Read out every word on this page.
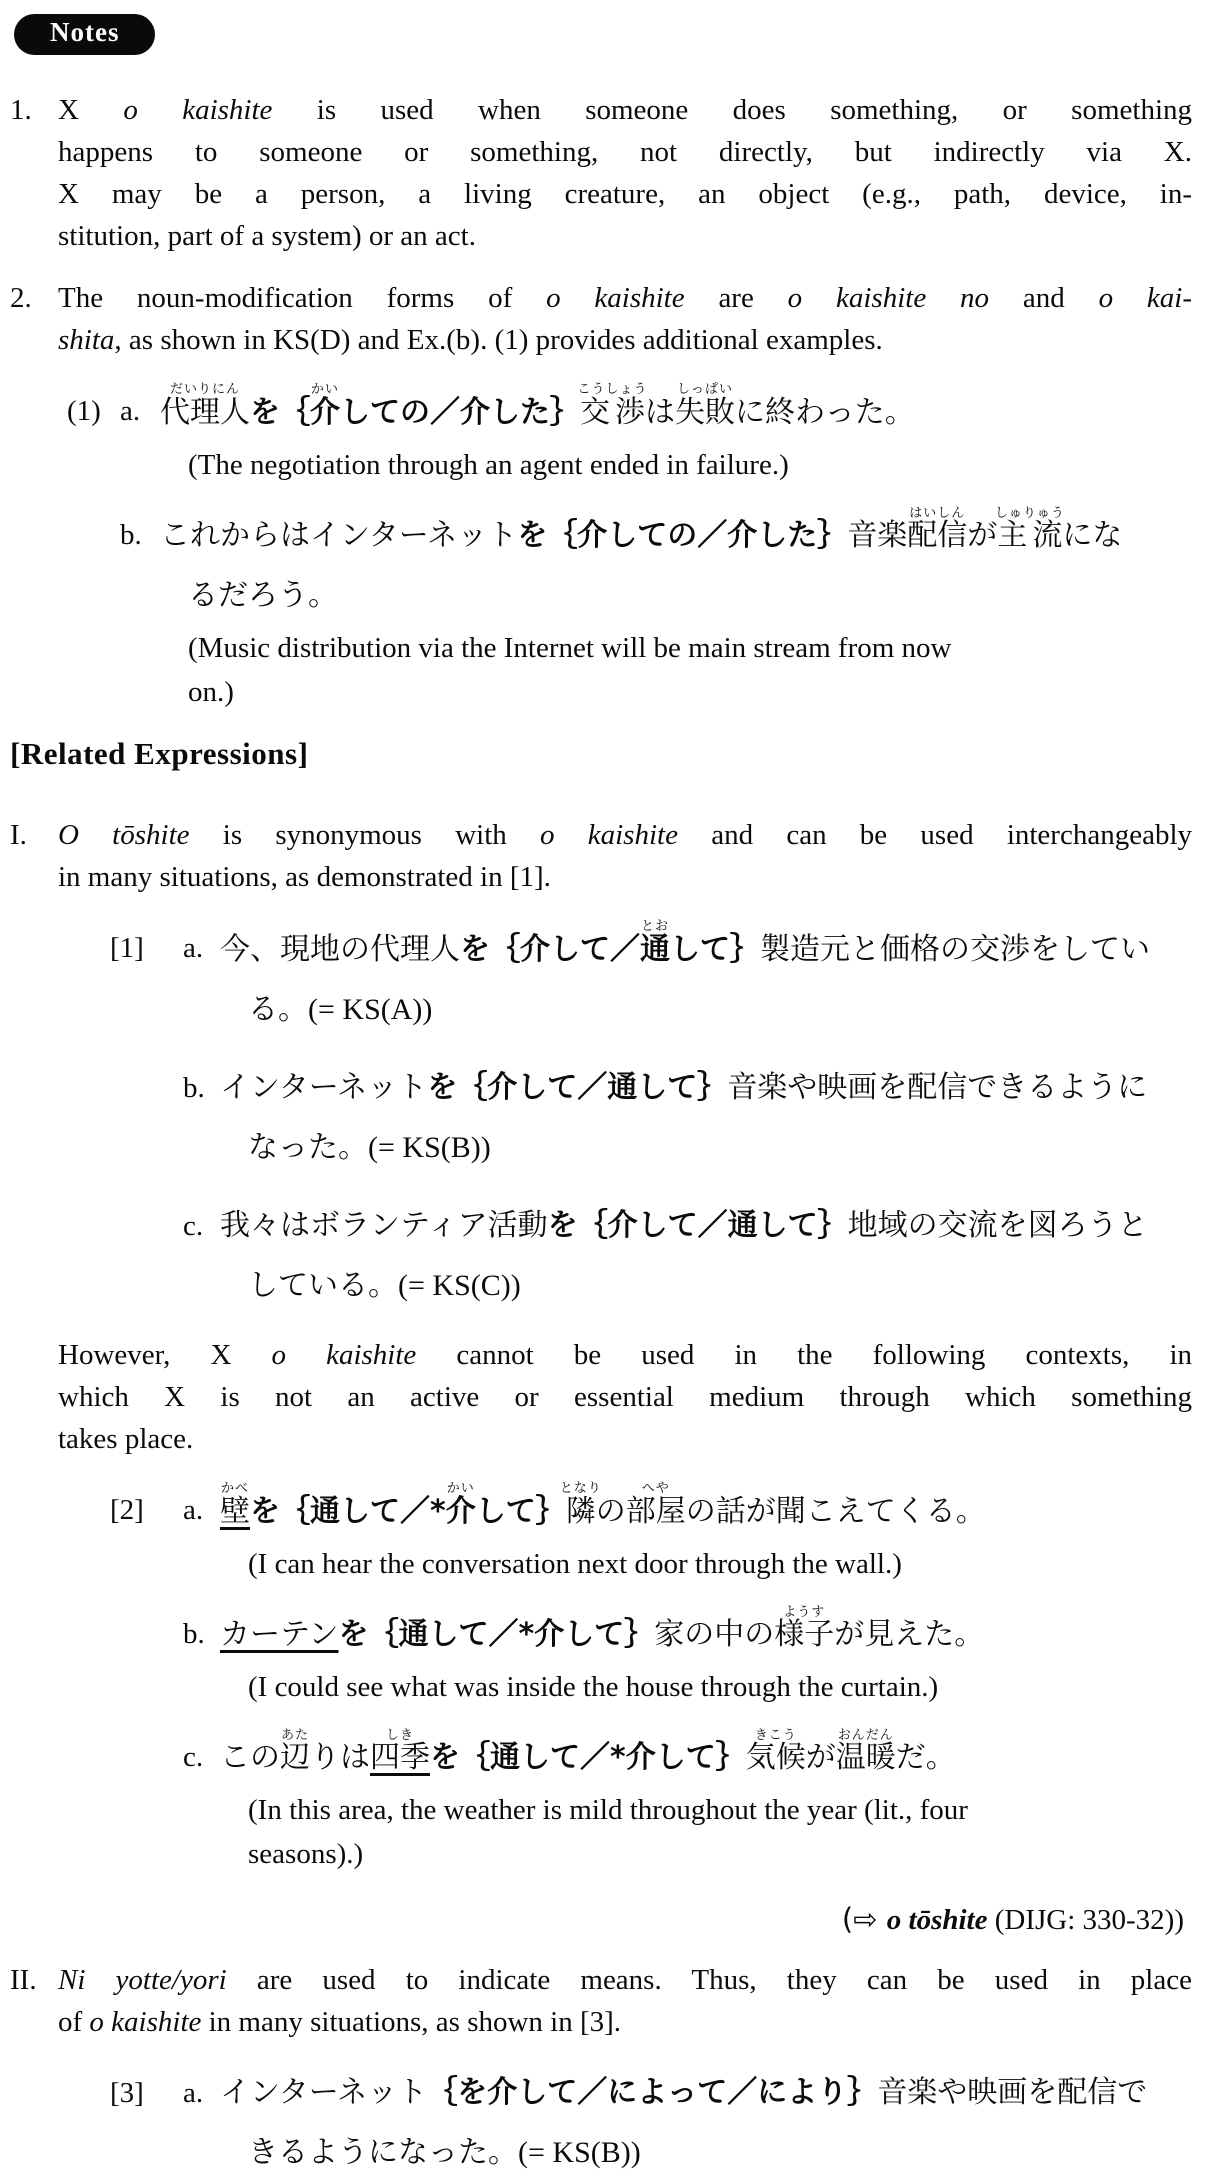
Notes
1. X o kaishite is used when someone does something, or something
happens to someone or something, not directly, but indirectly via X.
X may be a person, a living creature, an object (e.g., path, device, in-
stitution, part of a system) or an act.
2. The noun-modification forms of o kaishite are o kaishite no and o kai-
shita, as shown in KS(D) and Ex.(b). (1) provides additional examples.
(1) a. 代理人だいりにんを｛介かいしての／介した｝交渉こうしょうは失敗しっぱいに終わった。
(The negotiation through an agent ended in failure.)
b. これからはインターネットを｛介しての／介した｝音楽配信はいしんが主流しゅりゅうにな
るだろう。
(Music distribution via the Internet will be main stream from now
on.)
[Related Expressions]
I.	O tōshite is synonymous with o kaishite and can be used interchangeably
in many situations, as demonstrated in [1].
[1]	a. 今、現地の代理人を｛介して／通とおして｝製造元と価格の交渉をしてい
る。(= KS(A))
b. インターネットを｛介して／通して｝音楽や映画を配信できるように
なった。(= KS(B))
c. 我々はボランティア活動を｛介して／通して｝地域の交流を図ろうと
している。(= KS(C))
However, X o kaishite cannot be used in the following contexts, in
which X is not an active or essential medium through which something
takes place.
[2]	a. 壁かべを｛通して／*介かいして｝隣となりの部屋へやの話が聞こえてくる。
(I can hear the conversation next door through the wall.)
b. カーテンを｛通して／*介して｝家の中の様子ようすが見えた。
(I could see what was inside the house through the curtain.)
c. この辺あたりは四季しきを｛通して／*介して｝気候きこうが温暖おんだんだ。
(In this area, the weather is mild throughout the year (lit., four
seasons).)
(⇨ o tōshite (DIJG: 330-32))
II. Ni yotte/yori are used to indicate means. Thus, they can be used in place
of o kaishite in many situations, as shown in [3].
[3]	a. インターネット｛を介して／によって／により｝音楽や映画を配信で
きるようになった。(= KS(B))
